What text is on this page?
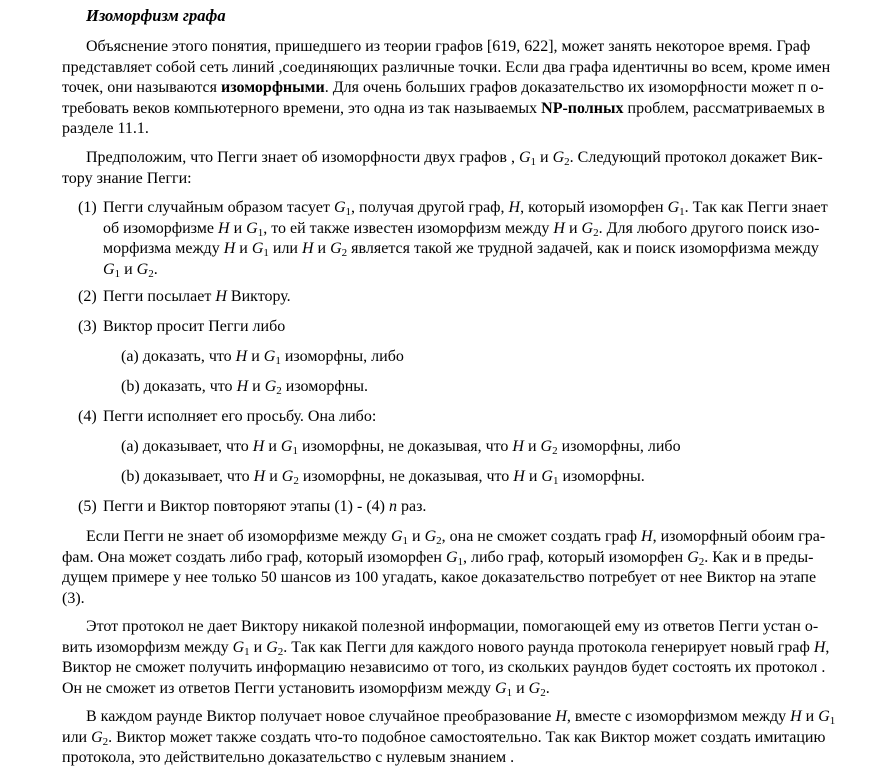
Изоморфизм графа
Объяснение этого понятия, пришедшего из теории графов [619, 622], может занять некоторое время. Граф
представляет собой сеть линий ,соединяющих различные точки. Если два графа идентичны во всем, кроме имен
точек, они называются изоморфными. Для очень больших графов доказательство их изоморфности может п о-
требовать веков компьютерного времени, это одна из так называемых NP-полных проблем, рассматриваемых в
разделе 11.1.
Предположим, что Пегги знает об изоморфности двух графов , $G_1$ и $G_2$. Следующий протокол докажет Вик-
тору знание Пегги:
(1) Пегги случайным образом тасует $G_1$, получая другой граф, H, который изоморфен $G_1$. Так как Пегги знает
об изоморфизме H и $G_1$, то ей также известен изоморфизм между H и $G_2$. Для любого другого поиск изо-
морфизма между H и $G_1$ или H и $G_2$ является такой же трудной задачей, как и поиск изоморфизма между
$G_1$ и $G_2$.
(2) Пегги посылает H Виктору.
(3) Виктор просит Пегги либо
(a) доказать, что H и $G_1$ изоморфны, либо
(b) доказать, что H и $G_2$ изоморфны.
(4) Пегги исполняет его просьбу. Она либо:
(a) доказывает, что H и $G_1$ изоморфны, не доказывая, что H и $G_2$ изоморфны, либо
(b) доказывает, что H и $G_2$ изоморфны, не доказывая, что H и $G_1$ изоморфны.
(5) Пегги и Виктор повторяют этапы (1) - (4) n раз.
Если Пегги не знает об изоморфизме между $G_1$ и $G_2$, она не сможет создать граф H, изоморфный обоим гра-
фам. Она может создать либо граф, который изоморфен $G_1$, либо граф, который изоморфен $G_2$. Как и в преды-
дущем примере у нее только 50 шансов из 100 угадать, какое доказательство потребует от нее Виктор на этапе
(3).
Этот протокол не дает Виктору никакой полезной информации, помогающей ему из ответов Пегги устан о-
вить изоморфизм между $G_1$ и $G_2$. Так как Пегги для каждого нового раунда протокола генерирует новый граф H,
Виктор не сможет получить информацию независимо от того, из скольких раундов будет состоять их протокол .
Он не сможет из ответов Пегги установить изоморфизм между $G_1$ и $G_2$.
В каждом раунде Виктор получает новое случайное преобразование H, вместе с изоморфизмом между H и $G_1$
или $G_2$. Виктор может также создать что-то подобное самостоятельно. Так как Виктор может создать имитацию
протокола, это действительно доказательство с нулевым знанием .
